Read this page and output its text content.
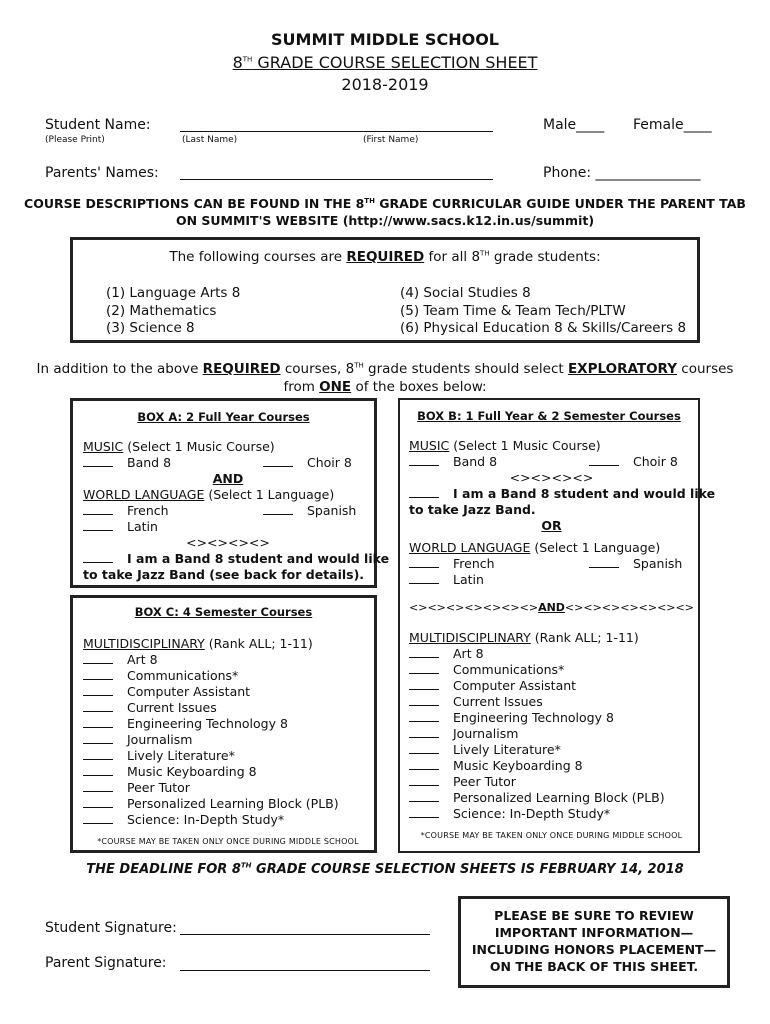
SUMMIT MIDDLE SCHOOL
8TH GRADE COURSE SELECTION SHEET
2018-2019
Student Name:
(Please Print)	(Last Name)	(First Name)
Male____ Female____
Parents' Names:	Phone: _______________
COURSE DESCRIPTIONS CAN BE FOUND IN THE 8TH GRADE CURRICULAR GUIDE UNDER THE PARENT TAB
ON SUMMIT'S WEBSITE (http://www.sacs.k12.in.us/summit)
The following courses are REQUIRED for all 8TH grade students:
(1) Language Arts 8
(2) Mathematics
(3) Science 8
(4) Social Studies 8
(5) Team Time & Team Tech/PLTW
(6) Physical Education 8 & Skills/Careers 8
In addition to the above REQUIRED courses, 8TH grade students should select EXPLORATORY courses
from ONE of the boxes below:
BOX A: 2 Full Year Courses
MUSIC (Select 1 Music Course)
Band 8	Choir 8
AND
WORLD LANGUAGE (Select 1 Language)
French	Spanish
Latin
<><><><>
I am a Band 8 student and would like
to take Jazz Band (see back for details).
BOX B: 1 Full Year & 2 Semester Courses
MUSIC (Select 1 Music Course)
Band 8	Choir 8
<><><><>
I am a Band 8 student and would like
to take Jazz Band.
OR
WORLD LANGUAGE (Select 1 Language)
French	Spanish
Latin
<><><><><><><>AND<><><><><><><>
MULTIDISCIPLINARY (Rank ALL; 1-11)
Art 8
Communications*
Computer Assistant
Current Issues
Engineering Technology 8
Journalism
Lively Literature*
Music Keyboarding 8
Peer Tutor
Personalized Learning Block (PLB)
Science: In-Depth Study*
*COURSE MAY BE TAKEN ONLY ONCE DURING MIDDLE SCHOOL
BOX C: 4 Semester Courses
MULTIDISCIPLINARY (Rank ALL; 1-11)
Art 8
Communications*
Computer Assistant
Current Issues
Engineering Technology 8
Journalism
Lively Literature*
Music Keyboarding 8
Peer Tutor
Personalized Learning Block (PLB)
Science: In-Depth Study*
*COURSE MAY BE TAKEN ONLY ONCE DURING MIDDLE SCHOOL
THE DEADLINE FOR 8TH GRADE COURSE SELECTION SHEETS IS FEBRUARY 14, 2018
Student Signature:
Parent Signature:
PLEASE BE SURE TO REVIEW
IMPORTANT INFORMATION—
INCLUDING HONORS PLACEMENT—
ON THE BACK OF THIS SHEET.
